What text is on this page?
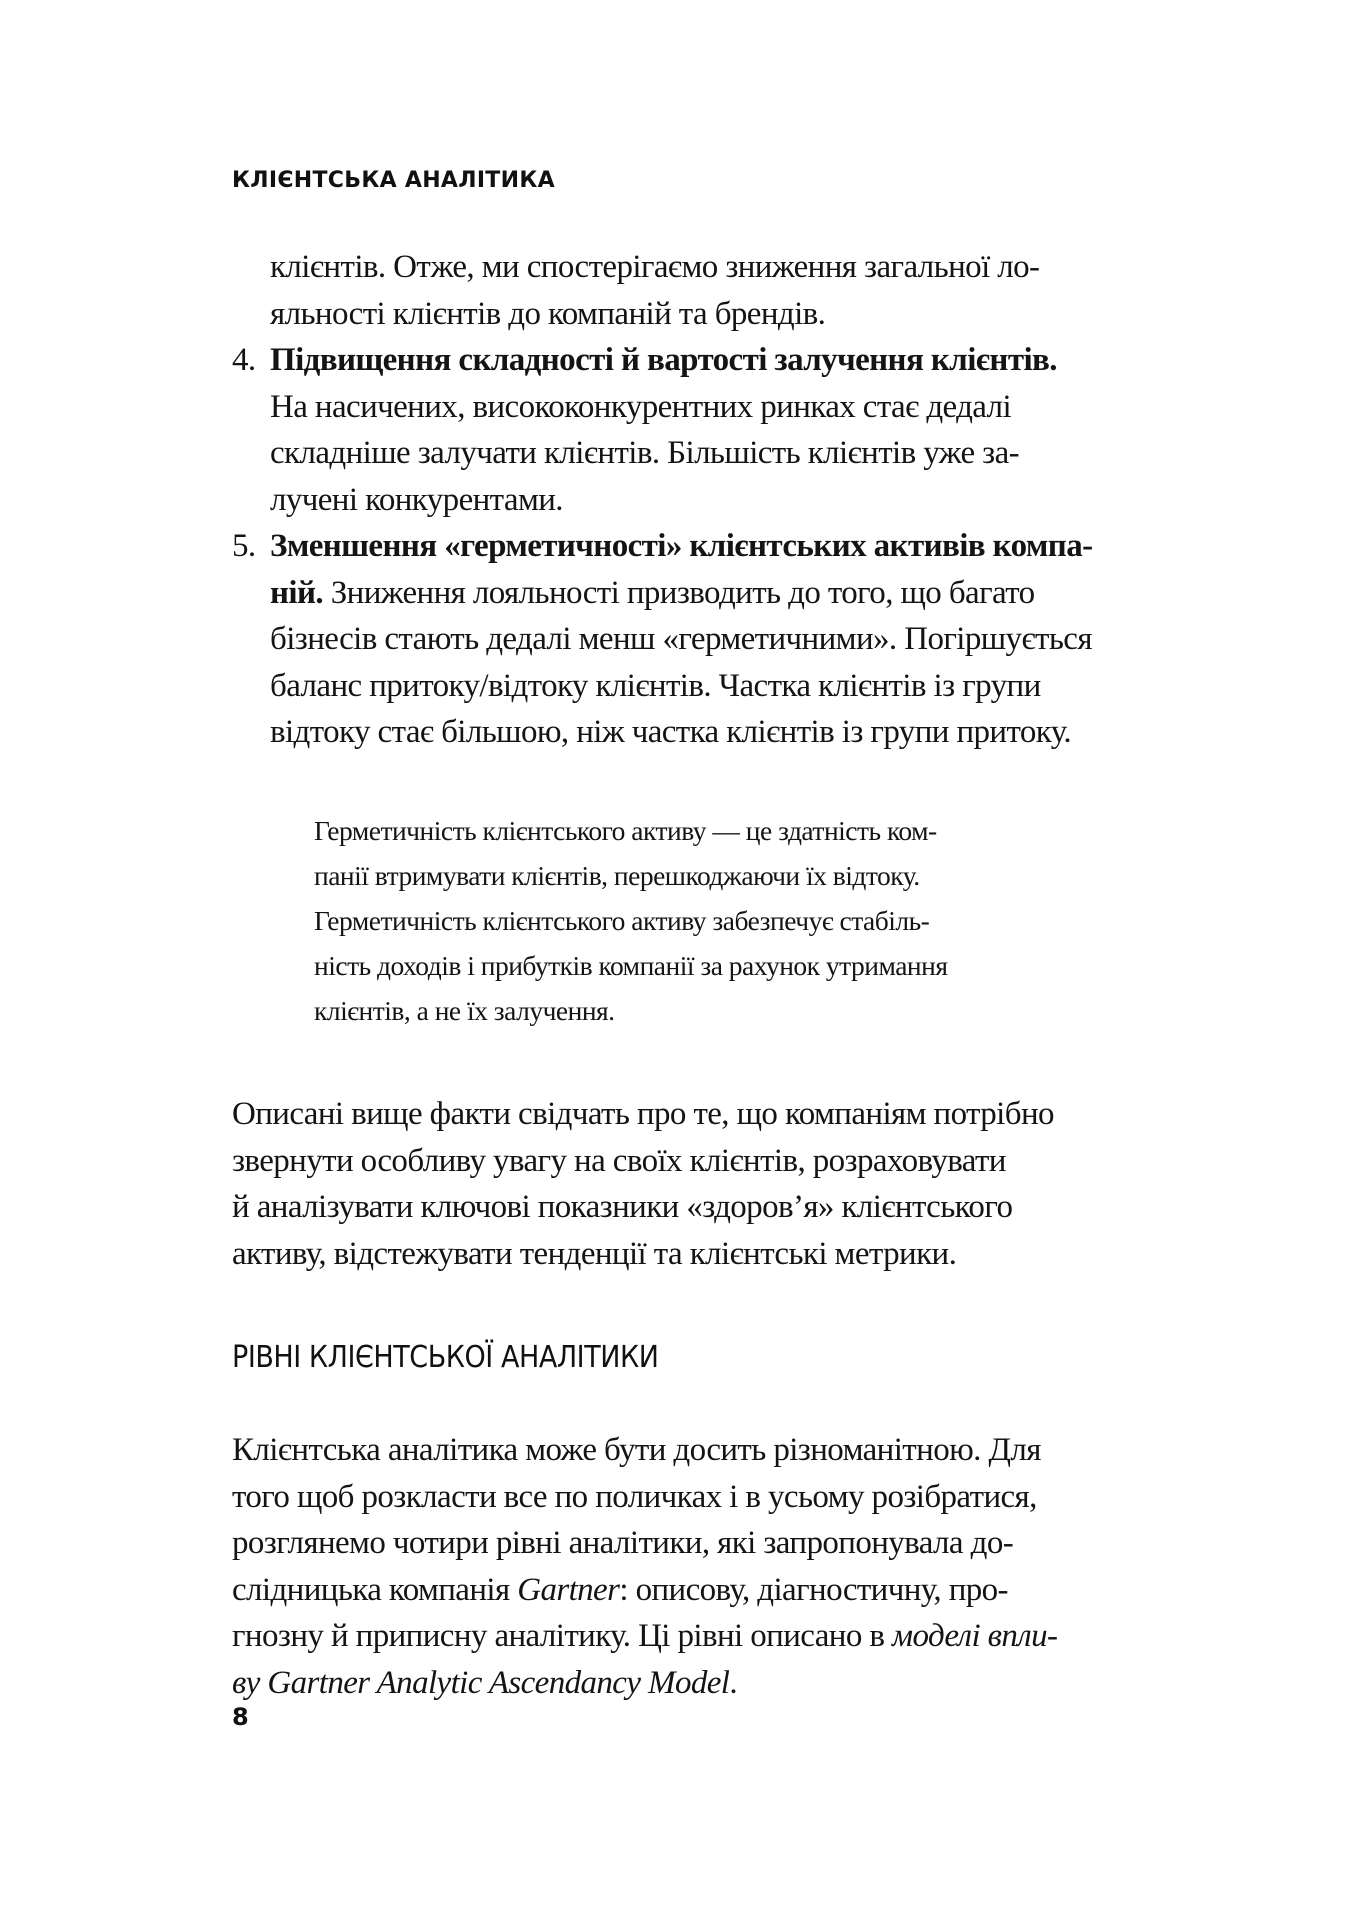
КЛІЄНТСЬКА АНАЛІТИКА
клієнтів. Отже, ми спостерігаємо зниження загальної ло-
яльності клієнтів до компаній та брендів.
4. Підвищення складності й вартості залучення клієнтів.
На насичених, висококонкурентних ринках стає дедалі
складніше залучати клієнтів. Більшість клієнтів уже за-
лучені конкурентами.
5. Зменшення «герметичності» клієнтських активів компа-
ній. Зниження лояльності призводить до того, що багато
бізнесів стають дедалі менш «герметичними». Погіршується
баланс притоку/відтоку клієнтів. Частка клієнтів із групи
відтоку стає більшою, ніж частка клієнтів із групи притоку.
Герметичність клієнтського активу — це здатність ком-
панії втримувати клієнтів, перешкоджаючи їх відтоку.
Герметичність клієнтського активу забезпечує стабіль-
ність доходів і прибутків компанії за рахунок утримання
клієнтів, а не їх залучення.
Описані вище факти свідчать про те, що компаніям потрібно
звернути особливу увагу на своїх клієнтів, розраховувати
й аналізувати ключові показники «здоров’я» клієнтського
активу, відстежувати тенденції та клієнтські метрики.
РІВНІ КЛІЄНТСЬКОЇ АНАЛІТИКИ
Клієнтська аналітика може бути досить різноманітною. Для
того щоб розкласти все по поличках і в усьому розібратися,
розглянемо чотири рівні аналітики, які запропонувала до-
слідницька компанія Gartner: описову, діагностичну, про-
гнозну й приписну аналітику. Ці рівні описано в моделі впли-
ву Gartner Analytic Ascendancy Model.
8
